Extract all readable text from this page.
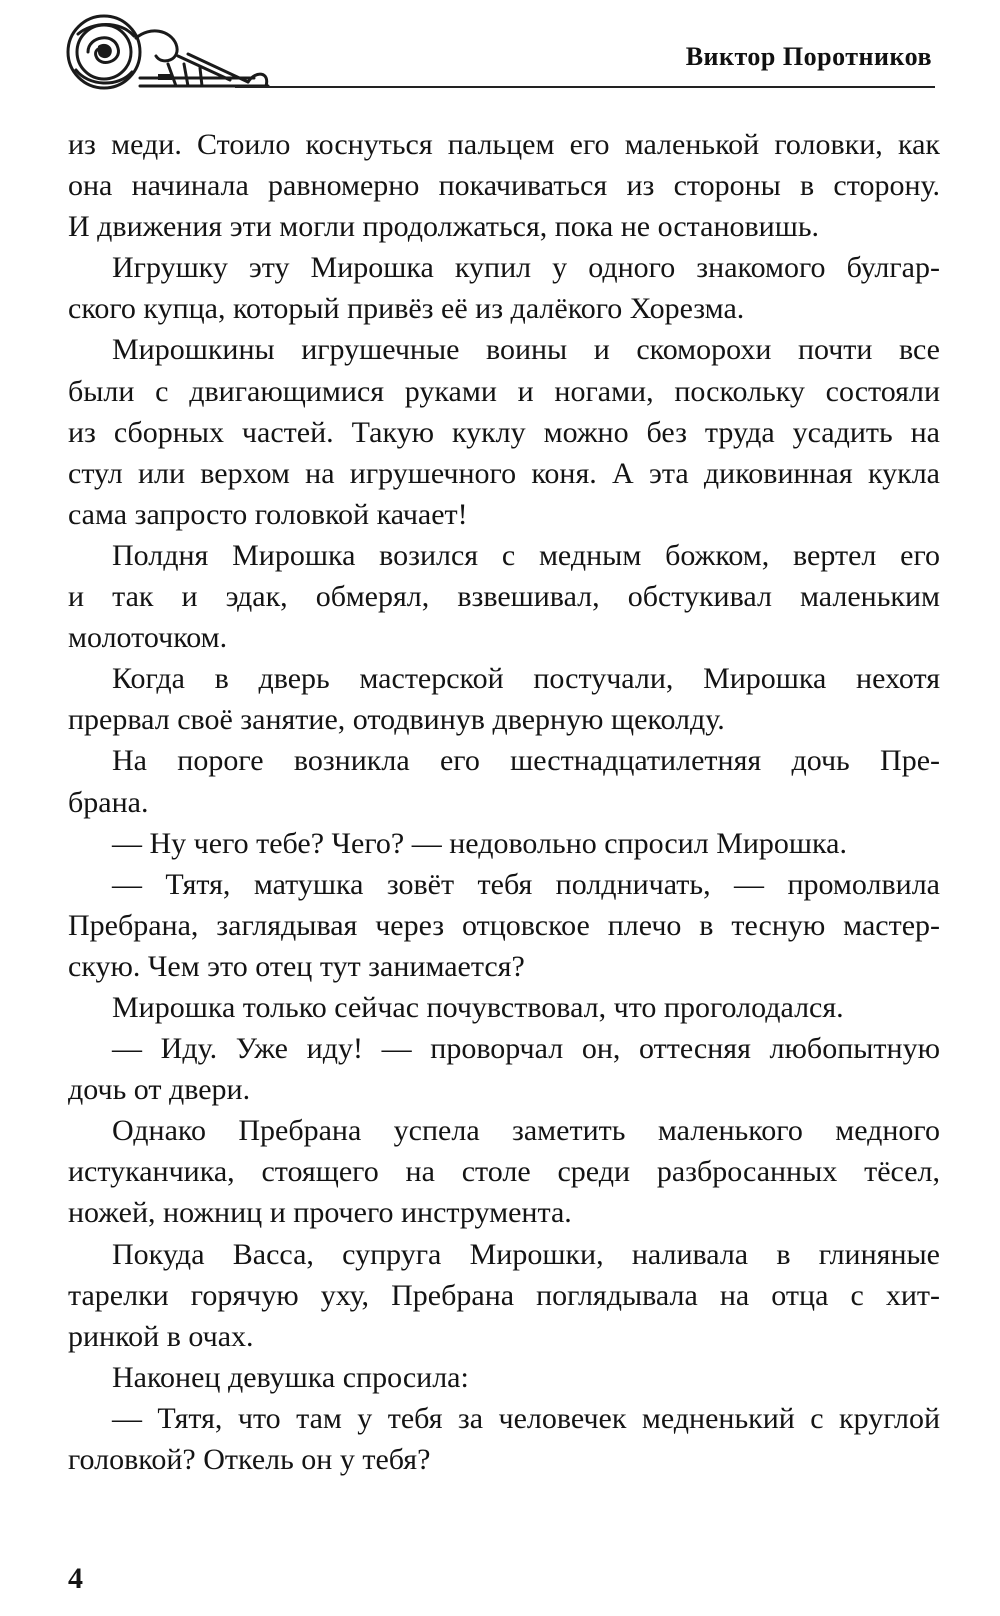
Виктор Поротников
из меди. Стоило коснуться пальцем его маленькой головки, как
она начинала равномерно покачиваться из стороны в сторону.
И движения эти могли продолжаться, пока не остановишь.
Игрушку эту Мирошка купил у одного знакомого булгар-
ского купца, который привёз её из далёкого Хорезма.
Мирошкины игрушечные воины и скоморохи почти все
были с двигающимися руками и ногами, поскольку состояли
из сборных частей. Такую куклу можно без труда усадить на
стул или верхом на игрушечного коня. А эта диковинная кукла
сама запросто головкой качает!
Полдня Мирошка возился с медным божком, вертел его
и так и эдак, обмерял, взвешивал, обстукивал маленьким
молоточком.
Когда в дверь мастерской постучали, Мирошка нехотя
прервал своё занятие, отодвинув дверную щеколду.
На пороге возникла его шестнадцатилетняя дочь Пре-
брана.
— Ну чего тебе? Чего? — недовольно спросил Мирошка.
— Тятя, матушка зовёт тебя полдничать, — промолвила
Пребрана, заглядывая через отцовское плечо в тесную мастер-
скую. Чем это отец тут занимается?
Мирошка только сейчас почувствовал, что проголодался.
— Иду. Уже иду! — проворчал он, оттесняя любопытную
дочь от двери.
Однако Пребрана успела заметить маленького медного
истуканчика, стоящего на столе среди разбросанных тёсел,
ножей, ножниц и прочего инструмента.
Покуда Васса, супруга Мирошки, наливала в глиняные
тарелки горячую уху, Пребрана поглядывала на отца с хит-
ринкой в очах.
Наконец девушка спросила:
— Тятя, что там у тебя за человечек медненький с круглой
головкой? Откель он у тебя?
4
